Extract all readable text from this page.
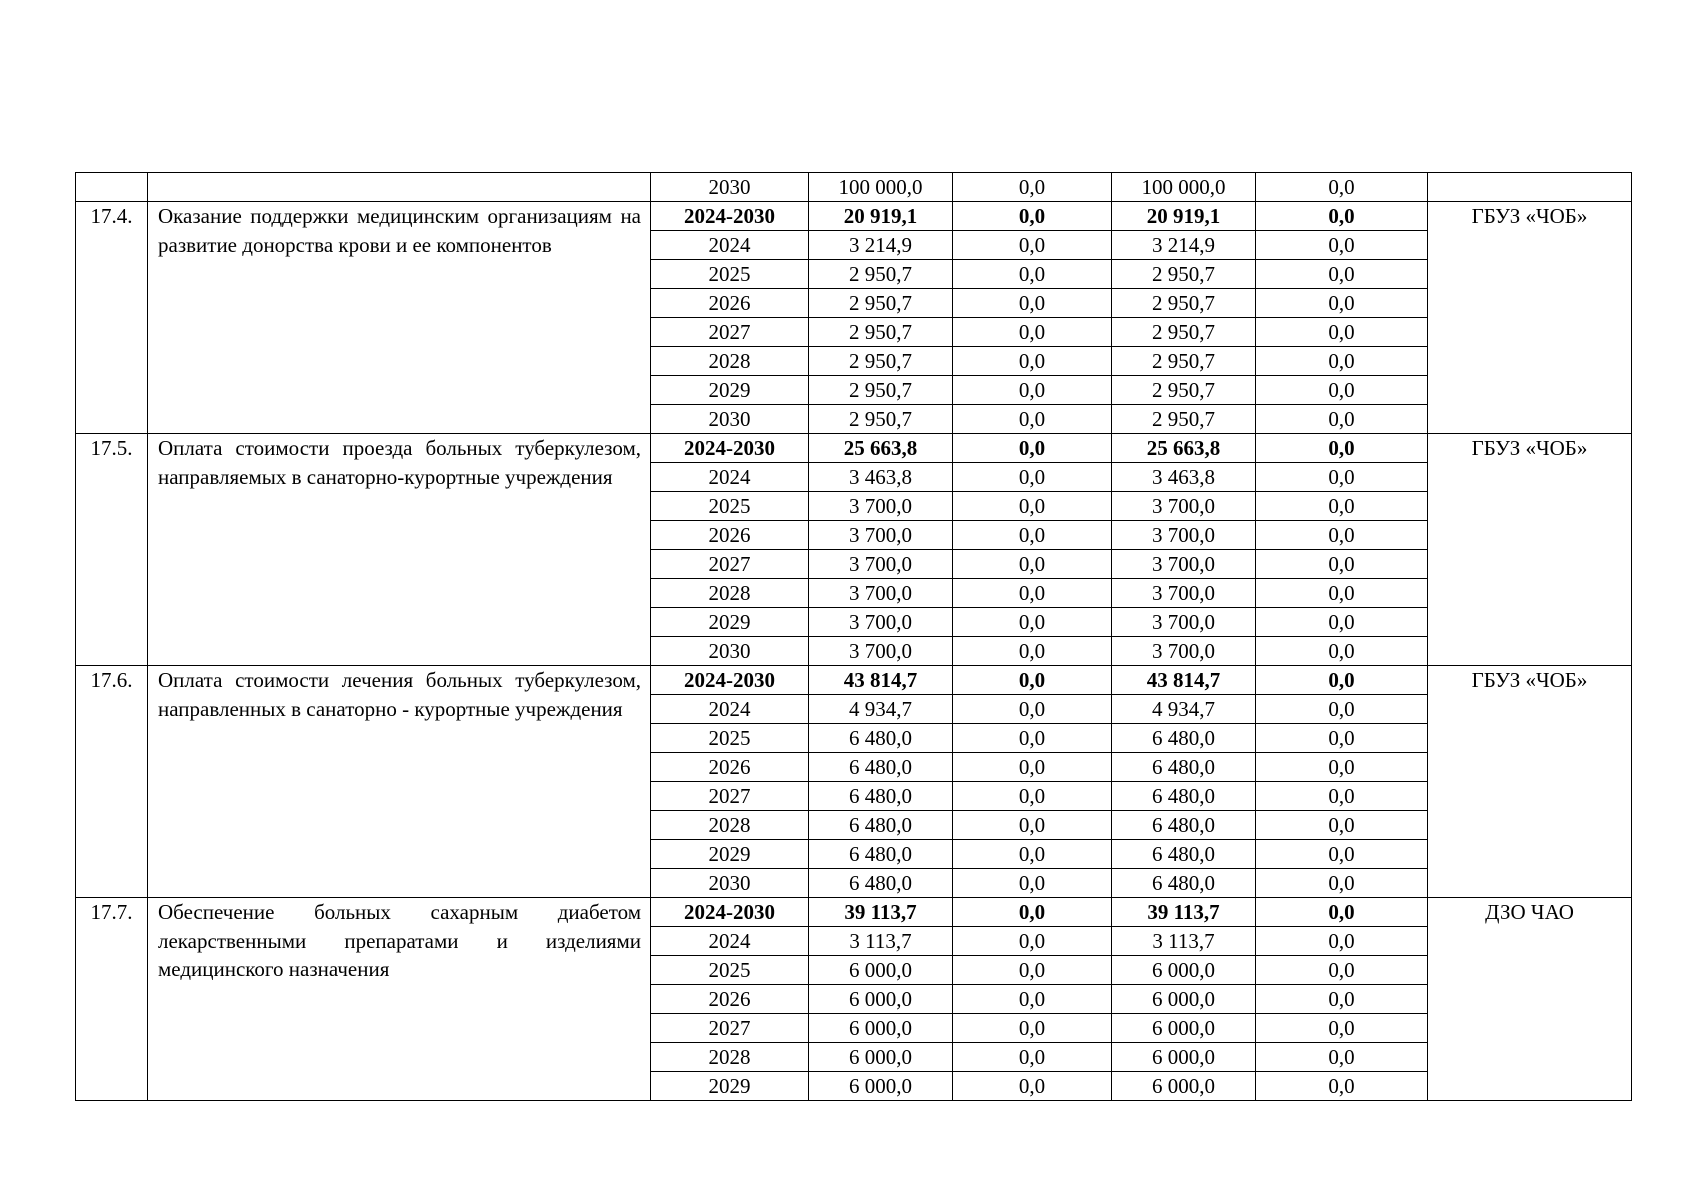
		2030	100 000,0	0,0	100 000,0	0,0	
17.4.	Оказание поддержки медицинским организациям на развитие донорства крови и ее компонентов	2024-2030	20 919,1	0,0	20 919,1	0,0	ГБУЗ «ЧОБ»
		2024	3 214,9	0,0	3 214,9	0,0	
		2025	2 950,7	0,0	2 950,7	0,0	
		2026	2 950,7	0,0	2 950,7	0,0	
		2027	2 950,7	0,0	2 950,7	0,0	
		2028	2 950,7	0,0	2 950,7	0,0	
		2029	2 950,7	0,0	2 950,7	0,0	
		2030	2 950,7	0,0	2 950,7	0,0	
17.5.	Оплата стоимости проезда больных туберкулезом, направляемых в санаторно-курортные учреждения	2024-2030	25 663,8	0,0	25 663,8	0,0	ГБУЗ «ЧОБ»
		2024	3 463,8	0,0	3 463,8	0,0	
		2025	3 700,0	0,0	3 700,0	0,0	
		2026	3 700,0	0,0	3 700,0	0,0	
		2027	3 700,0	0,0	3 700,0	0,0	
		2028	3 700,0	0,0	3 700,0	0,0	
		2029	3 700,0	0,0	3 700,0	0,0	
		2030	3 700,0	0,0	3 700,0	0,0	
17.6.	Оплата стоимости лечения больных туберкулезом, направленных в санаторно - курортные учреждения	2024-2030	43 814,7	0,0	43 814,7	0,0	ГБУЗ «ЧОБ»
		2024	4 934,7	0,0	4 934,7	0,0	
		2025	6 480,0	0,0	6 480,0	0,0	
		2026	6 480,0	0,0	6 480,0	0,0	
		2027	6 480,0	0,0	6 480,0	0,0	
		2028	6 480,0	0,0	6 480,0	0,0	
		2029	6 480,0	0,0	6 480,0	0,0	
		2030	6 480,0	0,0	6 480,0	0,0	
17.7.	Обеспечение больных сахарным диабетом лекарственными препаратами и изделиями медицинского назначения	2024-2030	39 113,7	0,0	39 113,7	0,0	ДЗО ЧАО
		2024	3 113,7	0,0	3 113,7	0,0	
		2025	6 000,0	0,0	6 000,0	0,0	
		2026	6 000,0	0,0	6 000,0	0,0	
		2027	6 000,0	0,0	6 000,0	0,0	
		2028	6 000,0	0,0	6 000,0	0,0	
		2029	6 000,0	0,0	6 000,0	0,0	
